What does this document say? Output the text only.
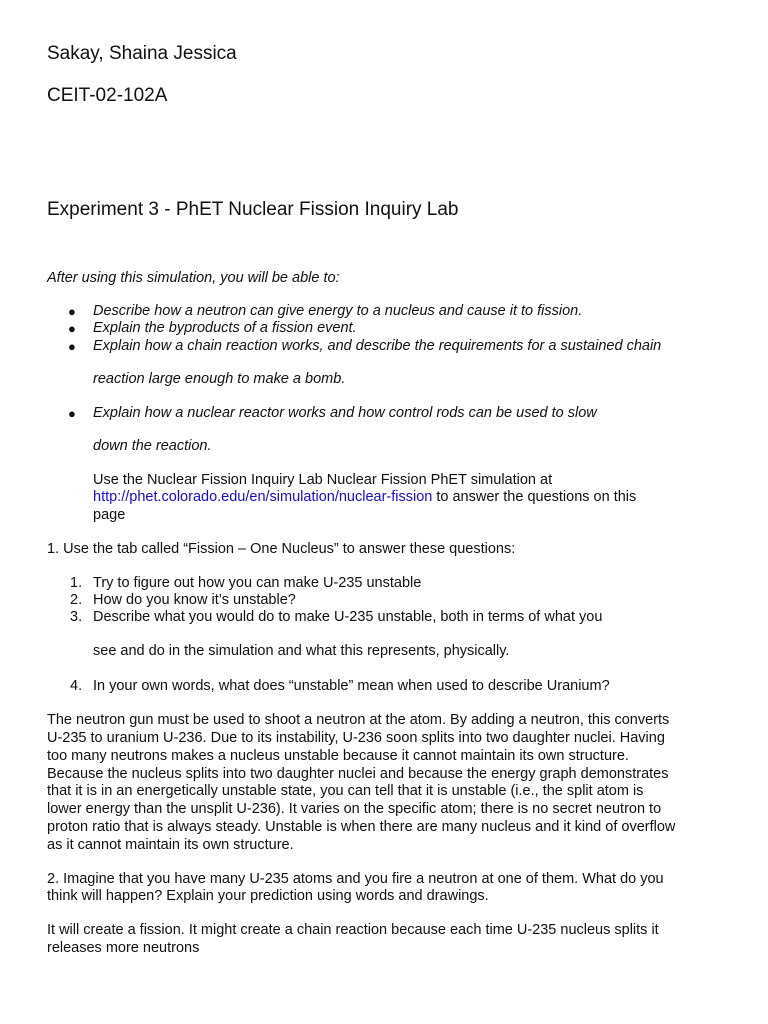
Sakay, Shaina Jessica
CEIT-02-102A
Experiment 3 - PhET Nuclear Fission Inquiry Lab
After using this simulation, you will be able to:
● Describe how a neutron can give energy to a nucleus and cause it to fission.
● Explain the byproducts of a fission event.
● Explain how a chain reaction works, and describe the requirements for a sustained chain
reaction large enough to make a bomb.
● Explain how a nuclear reactor works and how control rods can be used to slow
down the reaction.
Use the Nuclear Fission Inquiry Lab Nuclear Fission PhET simulation at
http://phet.colorado.edu/en/simulation/nuclear-fission to answer the questions on this
page
1. Use the tab called “Fission – One Nucleus” to answer these questions:
1. Try to figure out how you can make U-235 unstable
2. How do you know it’s unstable?
3. Describe what you would do to make U-235 unstable, both in terms of what you
see and do in the simulation and what this represents, physically.
4. In your own words, what does “unstable” mean when used to describe Uranium?
The neutron gun must be used to shoot a neutron at the atom. By adding a neutron, this converts
U-235 to uranium U-236. Due to its instability, U-236 soon splits into two daughter nuclei. Having
too many neutrons makes a nucleus unstable because it cannot maintain its own structure.
Because the nucleus splits into two daughter nuclei and because the energy graph demonstrates
that it is in an energetically unstable state, you can tell that it is unstable (i.e., the split atom is
lower energy than the unsplit U-236). It varies on the specific atom; there is no secret neutron to
proton ratio that is always steady. Unstable is when there are many nucleus and it kind of overflow
as it cannot maintain its own structure.
2. Imagine that you have many U-235 atoms and you fire a neutron at one of them. What do you
think will happen? Explain your prediction using words and drawings.
It will create a fission. It might create a chain reaction because each time U-235 nucleus splits it
releases more neutrons
